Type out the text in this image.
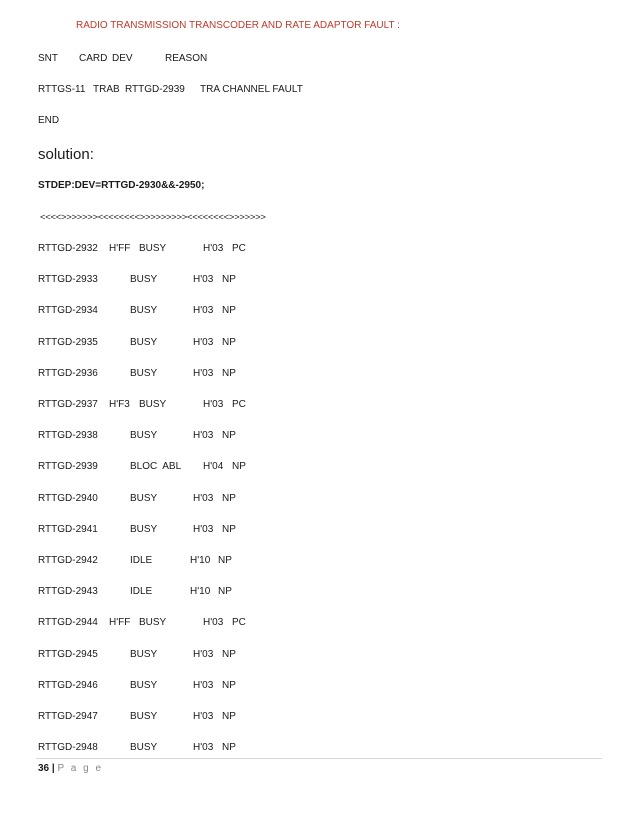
RADIO TRANSMISSION TRANSCODER AND RATE ADAPTOR FAULT :
SNT CARD DEV	REASON
RTTGS-11 TRAB RTTGD-2939 TRA CHANNEL FAULT
END
solution:
STDEP:DEV=RTTGD-2930&&-2950;
<<<<>>>>>>><<<<<<<<>>>>>>>>><<<<<<<<>>>>>>>
RTTGD-2932 H'FF BUSY	H'03 PC
RTTGD-2933	BUSY	H'03 NP
RTTGD-2934	BUSY	H'03 NP
RTTGD-2935	BUSY	H'03 NP
RTTGD-2936	BUSY	H'03 NP
RTTGD-2937 H'F3 BUSY	H'03 PC
RTTGD-2938	BUSY	H'03 NP
RTTGD-2939	BLOC  ABL H'04 NP
RTTGD-2940	BUSY	H'03 NP
RTTGD-2941	BUSY	H'03 NP
RTTGD-2942	IDLE	H'10 NP
RTTGD-2943	IDLE	H'10 NP
RTTGD-2944 H'FF BUSY	H'03 PC
RTTGD-2945	BUSY	H'03 NP
RTTGD-2946	BUSY	H'03 NP
RTTGD-2947	BUSY	H'03 NP
RTTGD-2948	BUSY	H'03 NP
36 | P a g e
